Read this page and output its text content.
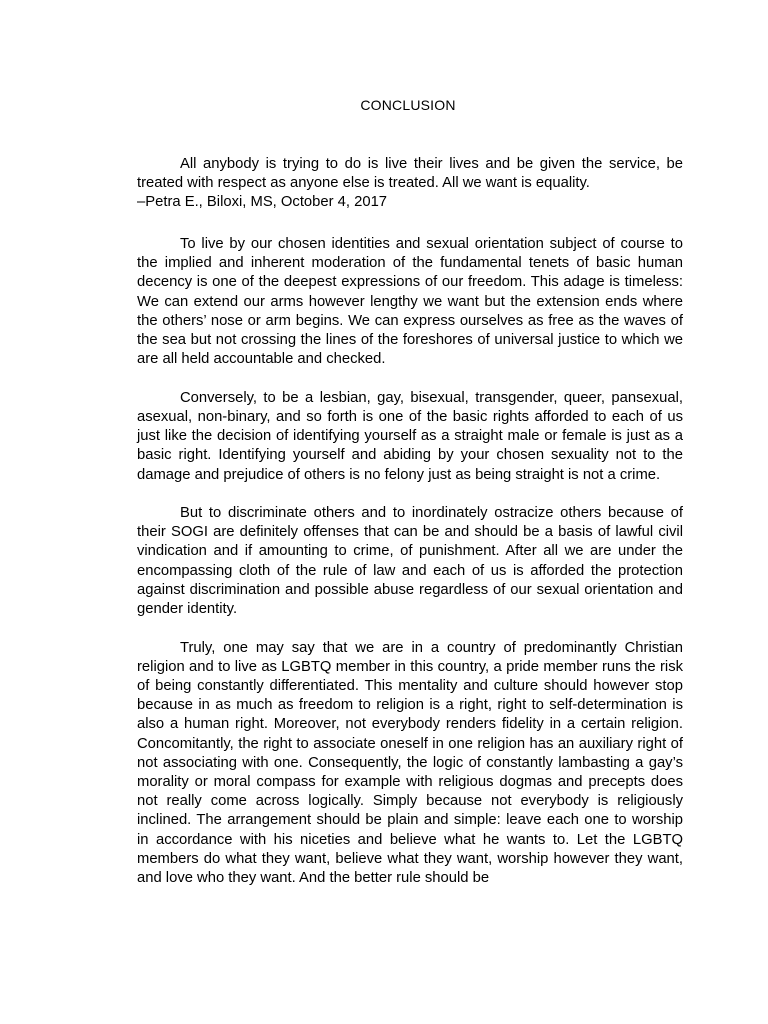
CONCLUSION

All anybody is trying to do is live their lives and be given the service, be treated with respect as anyone else is treated. All we want is equality.

–Petra E., Biloxi, MS, October 4, 2017

To live by our chosen identities and sexual orientation subject of course to the implied and inherent moderation of the fundamental tenets of basic human decency is one of the deepest expressions of our freedom. This adage is timeless: We can extend our arms however lengthy we want but the extension ends where the others’ nose or arm begins. We can express ourselves as free as the waves of the sea but not crossing the lines of the foreshores of universal justice to which we are all held accountable and checked.

Conversely, to be a lesbian, gay, bisexual, transgender, queer, pansexual, asexual, non-binary, and so forth is one of the basic rights afforded to each of us just like the decision of identifying yourself as a straight male or female is just as a basic right. Identifying yourself and abiding by your chosen sexuality not to the damage and prejudice of others is no felony just as being straight is not a crime.

But to discriminate others and to inordinately ostracize others because of their SOGI are definitely offenses that can be and should be a basis of lawful civil vindication and if amounting to crime, of punishment. After all we are under the encompassing cloth of the rule of law and each of us is afforded the protection against discrimination and possible abuse regardless of our sexual orientation and gender identity.

Truly, one may say that we are in a country of predominantly Christian religion and to live as LGBTQ member in this country, a pride member runs the risk of being constantly differentiated. This mentality and culture should however stop because in as much as freedom to religion is a right, right to self-determination is also a human right. Moreover, not everybody renders fidelity in a certain religion. Concomitantly, the right to associate oneself in one religion has an auxiliary right of not associating with one. Consequently, the logic of constantly lambasting a gay’s morality or moral compass for example with religious dogmas and precepts does not really come across logically. Simply because not everybody is religiously inclined. The arrangement should be plain and simple: leave each one to worship in accordance with his niceties and believe what he wants to. Let the LGBTQ members do what they want, believe what they want, worship however they want, and love who they want. And the better rule should be
